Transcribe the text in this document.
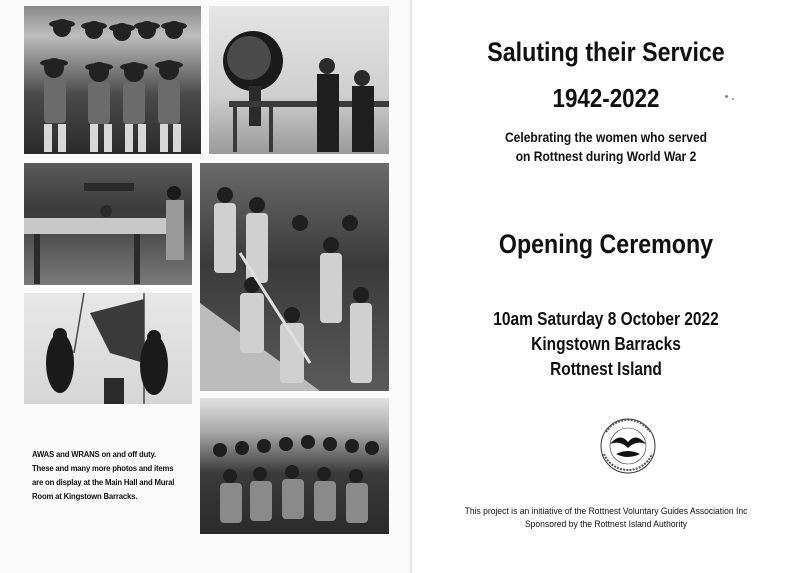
AWAS and WRANS on and off duty. These and many more photos and items are on display at the Main Hall and Mural Room at Kingstown Barracks.
Saluting their Service
1942-2022
Celebrating the women who served
on Rottnest during World War 2
Opening Ceremony
10am Saturday 8 October 2022
Kingstown Barracks
Rottnest Island
This project is an initiative of the Rottnest Voluntary Guides Association Inc
Sponsored by the Rottnest Island Authority
